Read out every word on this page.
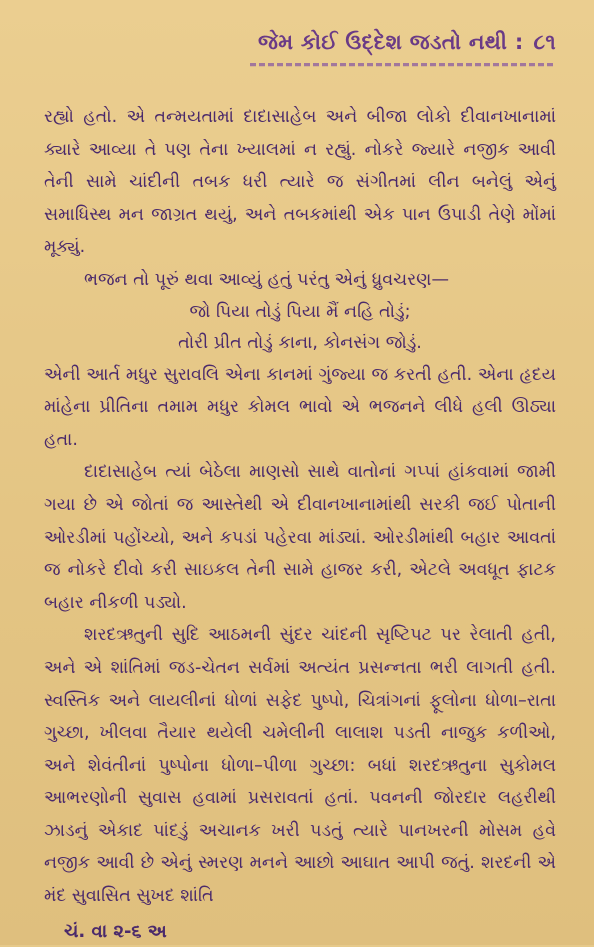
જેમ કોઈ ઉદ્દેશ જડતો નથી : ૮૧

રહ્યો હતો. એ તન્મયતામાં દાદાસાહેબ અને બીજા લોકો દીવાનખાનામાં ક્યારે આવ્યા તે પણ તેના ખ્યાલમાં ન રહ્યું. નોકરે જ્યારે નજીક આવી તેની સામે ચાંદીની તબક ધરી ત્યારે જ સંગીતમાં લીન બનેલું એનું સમાધિસ્થ મન જાગ્રત થયું, અને તબકમાંથી એક પાન ઉપાડી તેણે મોંમાં મૂક્યું.

ભજન તો પૂરું થવા આવ્યું હતું પરંતુ એનું ધ્રુવચરણ—

જો પિયા તોડું પિયા મૈં નહિ તોડું;

તોરી પ્રીત તોડું કાના, કોનસંગ જોડું.

એની આર્ત મધુર સુરાવલિ એના કાનમાં ગુંજ્યા જ કરતી હતી. એના હૃદય માંહેના પ્રીતિના તમામ મધુર કોમલ ભાવો એ ભજનને લીધે હલી ઊઠ્યા હતા.

દાદાસાહેબ ત્યાં બેઠેલા માણસો સાથે વાતોનાં ગપ્પાં હાંકવામાં જામી ગયા છે એ જોતાં જ આસ્તેથી એ દીવાનખાનામાંથી સરકી જઈ પોતાની ઓરડીમાં પહોંચ્યો, અને કપડાં પહેરવા માંડ્યાં. ઓરડીમાંથી બહાર આવતાં જ નોકરે દીવો કરી સાઇકલ તેની સામે હાજર કરી, એટલે અવધૂત ફાટક બહાર નીકળી પડ્યો.

શરદઋતુની સુદિ આઠમની સુંદર ચાંદની સૃષ્ટિપટ પર રેલાતી હતી, અને એ શાંતિમાં જડ-ચેતન સર્વમાં અત્યંત પ્રસન્નતા ભરી લાગતી હતી. સ્વસ્તિક અને લાયલીનાં ધોળાં સફેદ પુષ્પો, ચિત્રાંગનાં ફૂલોના ધોળા–રાતા ગુચ્છા, ખીલવા તૈયાર થયેલી ચમેલીની લાલાશ પડતી નાજુક કળીઓ, અને શેવંતીનાં પુષ્પોના ધોળા–પીળા ગુચ્છા: બધાં શરદઋતુના સુકોમલ આભરણોની સુવાસ હવામાં પ્રસરાવતાં હતાં. પવનની જોરદાર લહરીથી ઝાડનું એકાદ પાંદડું અચાનક ખરી પડતું ત્યારે પાનખરની મોસમ હવે નજીક આવી છે એનું સ્મરણ મનને આછો આઘાત આપી જતું. શરદની એ મંદ સુવાસિત સુખદ શાંતિ

ચં. વા ૨-૬ અ
